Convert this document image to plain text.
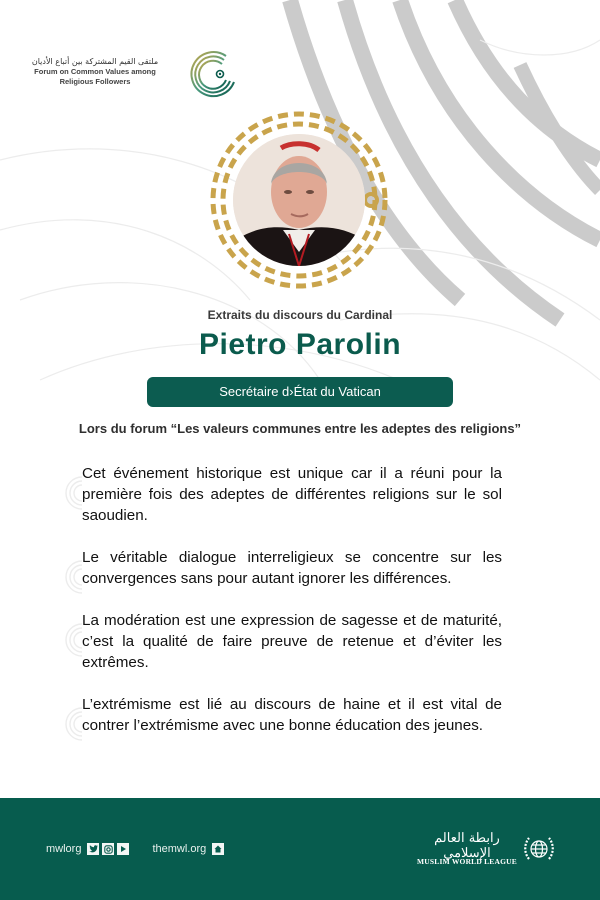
ملتقى القيم المشتركة بين أتباع الأديان
Forum on Common Values among
Religious Followers
Extraits du discours du Cardinal
Pietro Parolin
Secrétaire d›État du Vatican
Lors du forum “Les valeurs communes entre les adeptes des religions”
Cet événement historique est unique car il a réuni pour la première fois des adeptes de différentes religions sur le sol saoudien.
Le véritable dialogue interreligieux se concentre sur les convergences sans pour autant ignorer les différences.
La modération est une expression de sagesse et de maturité, c’est la qualité de faire preuve de retenue et d’éviter les extrêmes.
L’extrémisme est lié au discours de haine et il est vital de contrer l’extrémisme avec une bonne éducation des jeunes.
mwlorg	themwl.org
رابطة العالم الإسلامي
MUSLIM WORLD LEAGUE
